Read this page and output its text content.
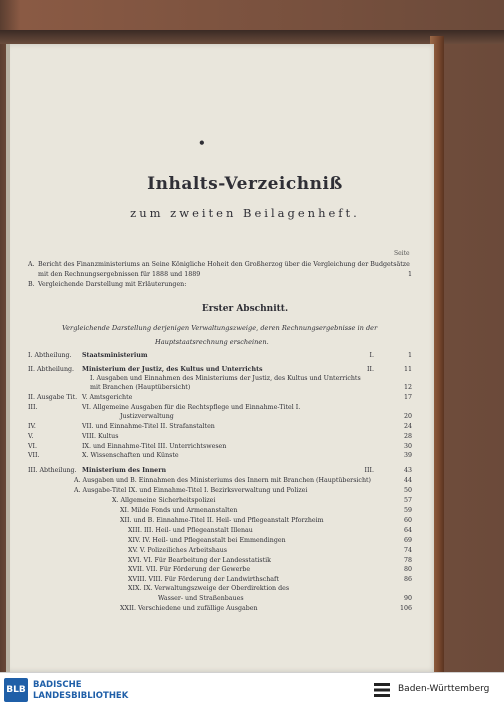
•
Inhalts-Verzeichniß
zum zweiten Beilagenheft.
Seite
A. Bericht des Finanzministeriums an Seine Königliche Hoheit den Großherzog über die Vergleichung der Budgetsätze
mit den Rechnungsergebnissen für 1888 und 1889	1
B. Vergleichende Darstellung mit Erläuterungen:
Erster Abschnitt.
Vergleichende Darstellung derjenigen Verwaltungszweige, deren Rechnungsergebnisse in der
Hauptstaatsrechnung erscheinen.
I. Abtheilung. Staatsministerium	I.	1
II. Abtheilung. Ministerium der Justiz, des Kultus und Unterrichts	II.	11
I. Ausgaben und Einnahmen des Ministeriums der Justiz, des Kultus und Unterrichts
mit Branchen (Hauptübersicht)	12
II. Ausgabe Tit. V. Amtsgerichte	17
III.	VI. Allgemeine Ausgaben für die Rechtspflege und Einnahme-Titel I.
Justizverwaltung	20
IV.	VII. und Einnahme-Titel II. Strafanstalten	24
V.	VIII. Kultus	28
VI.	IX. und Einnahme-Titel III. Unterrichtswesen	30
VII.	X. Wissenschaften und Künste	39
III. Abtheilung. Ministerium des Innern	III.	43
A. Ausgaben und B. Einnahmen des Ministeriums des Innern mit Branchen (Hauptübersicht)	44
A. Ausgabe-Titel IX. und Einnahme-Titel I. Bezirksverwaltung und Polizei	50
X. Allgemeine Sicherheitspolizei	57
XI. Milde Fonds und Armenanstalten	59
XII. und B. Einnahme-Titel II. Heil- und Pflegeanstalt Pforzheim	60
XIII. III. Heil- und Pflegeanstalt Illenau	64
XIV. IV. Heil- und Pflegeanstalt bei Emmendingen	69
XV. V. Polizeiliches Arbeitshaus	74
XVI. VI. Für Bearbeitung der Landesstatistik	78
XVII. VII. Für Förderung der Gewerbe	80
XVIII. VIII. Für Förderung der Landwirthschaft	86
XIX. IX. Verwaltungszweige der Oberdirektion des
Wasser- und Straßenbaues	90
XXII. Verschiedene und zufällige Ausgaben	106
BLB BADISCHE
LANDESBIBLIOTHEK
Baden-Württemberg
